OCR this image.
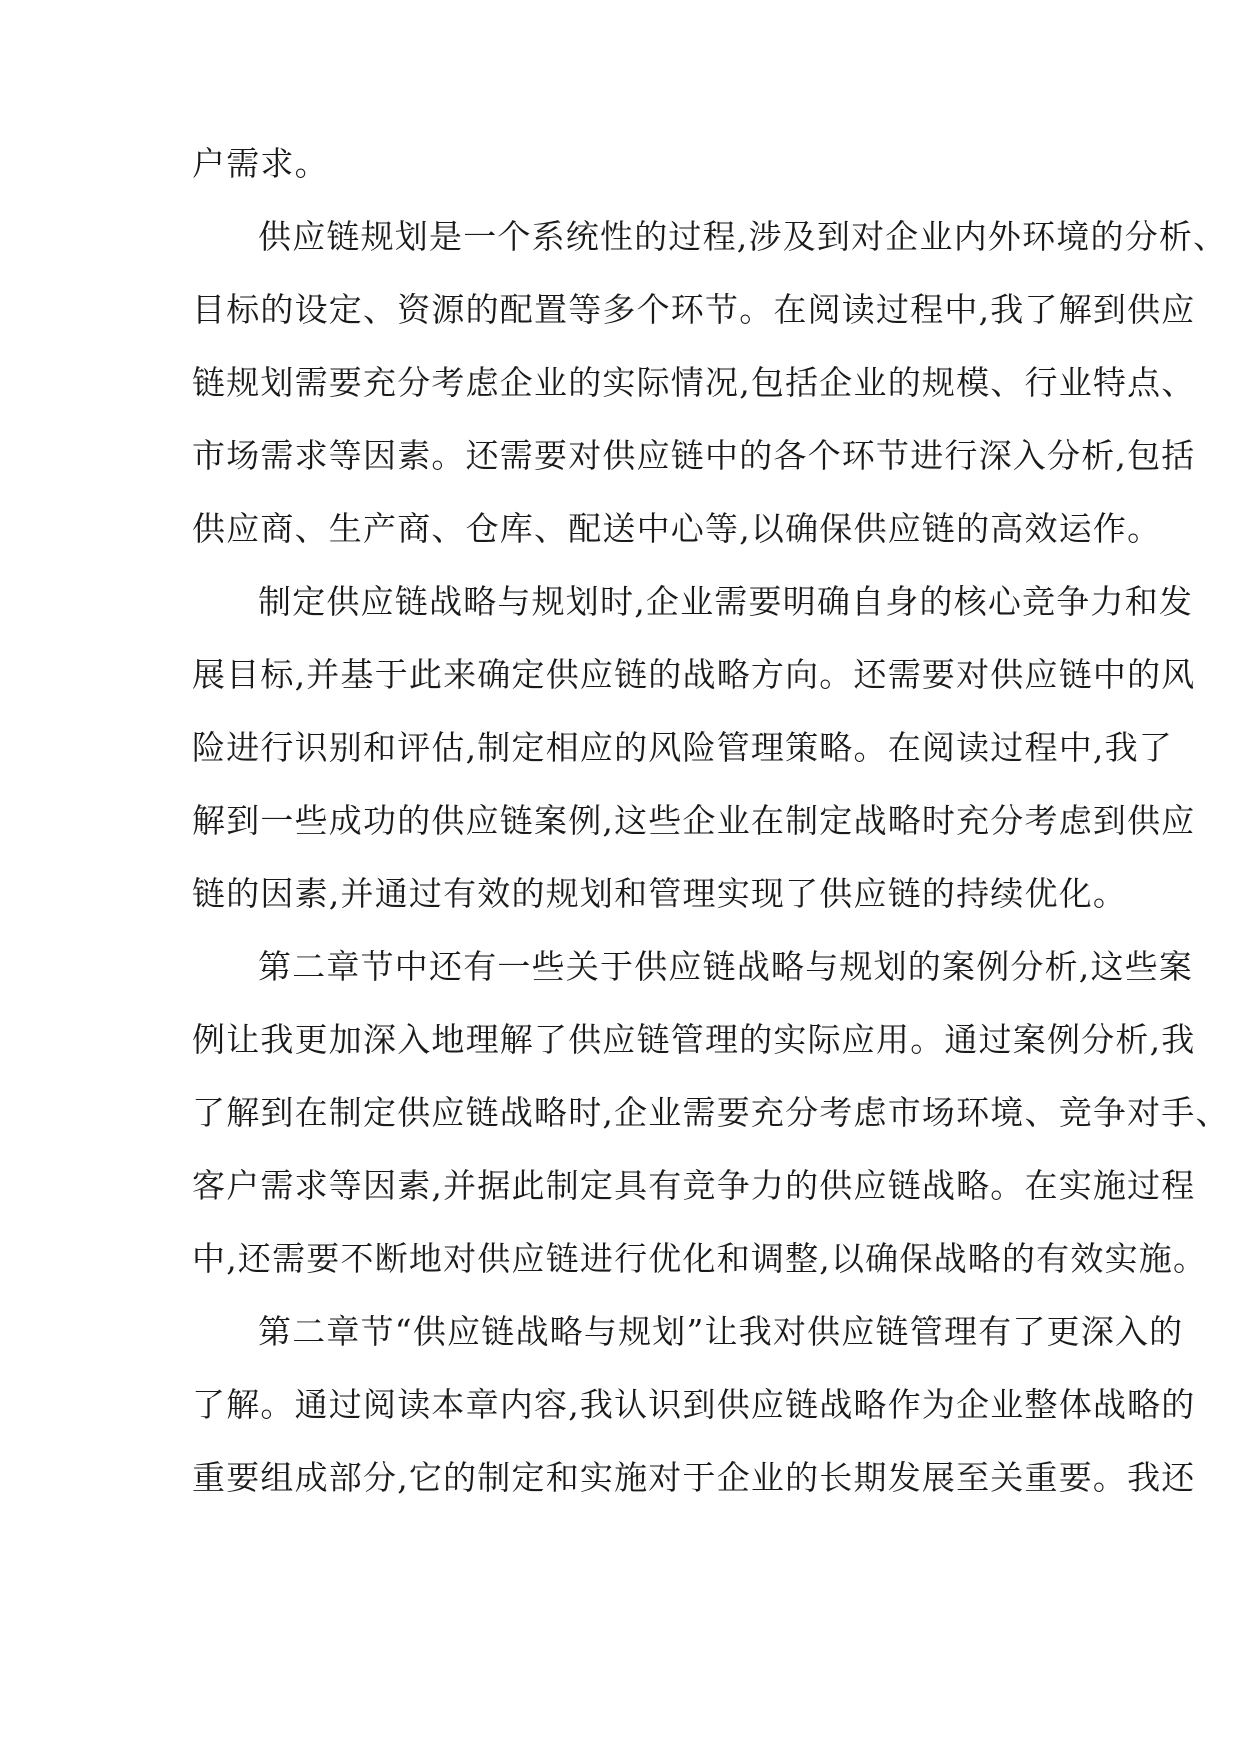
户需求。
供应链规划是一个系统性的过程,涉及到对企业内外环境的分析、
目标的设定、资源的配置等多个环节。在阅读过程中,我了解到供应
链规划需要充分考虑企业的实际情况,包括企业的规模、行业特点、
市场需求等因素。还需要对供应链中的各个环节进行深入分析,包括
供应商、生产商、仓库、配送中心等,以确保供应链的高效运作。
制定供应链战略与规划时,企业需要明确自身的核心竞争力和发
展目标,并基于此来确定供应链的战略方向。还需要对供应链中的风
险进行识别和评估,制定相应的风险管理策略。在阅读过程中,我了
解到一些成功的供应链案例,这些企业在制定战略时充分考虑到供应
链的因素,并通过有效的规划和管理实现了供应链的持续优化。
第二章节中还有一些关于供应链战略与规划的案例分析,这些案
例让我更加深入地理解了供应链管理的实际应用。通过案例分析,我
了解到在制定供应链战略时,企业需要充分考虑市场环境、竞争对手、
客户需求等因素,并据此制定具有竞争力的供应链战略。在实施过程
中,还需要不断地对供应链进行优化和调整,以确保战略的有效实施。
第二章节“供应链战略与规划”让我对供应链管理有了更深入的
了解。通过阅读本章内容,我认识到供应链战略作为企业整体战略的
重要组成部分,它的制定和实施对于企业的长期发展至关重要。我还
